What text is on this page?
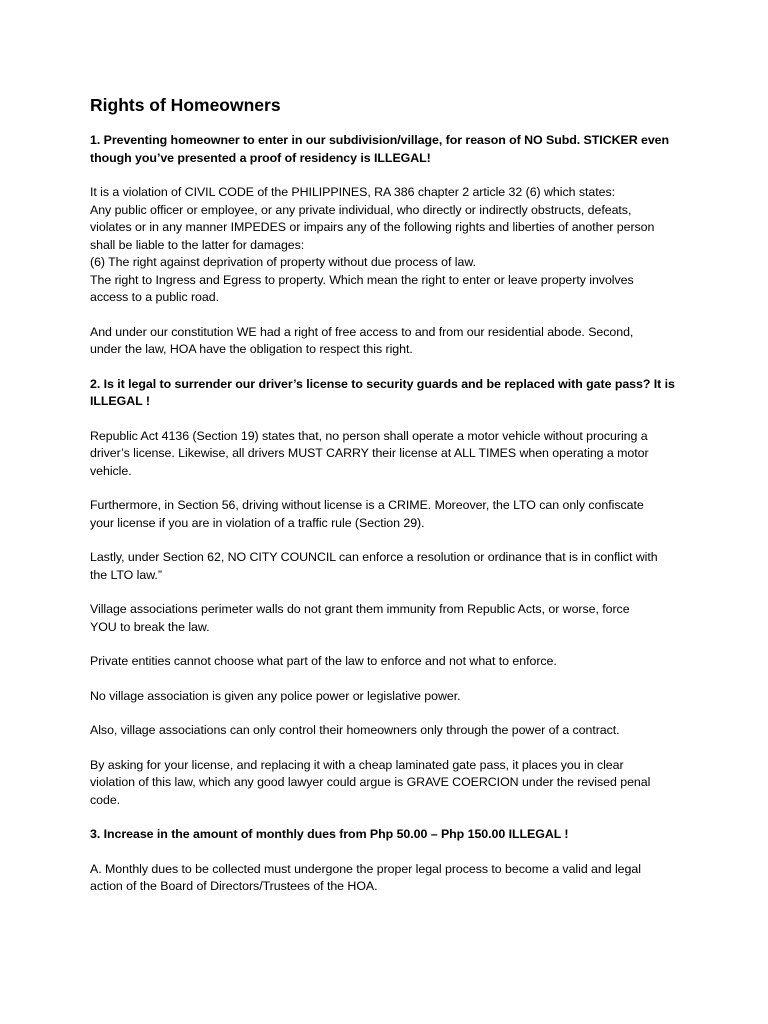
Rights of Homeowners
1. Preventing homeowner to enter in our subdivision/village, for reason of NO Subd. STICKER even
though you’ve presented a proof of residency is ILLEGAL!
It is a violation of CIVIL CODE of the PHILIPPINES, RA 386 chapter 2 article 32 (6) which states:
Any public officer or employee, or any private individual, who directly or indirectly obstructs, defeats,
violates or in any manner IMPEDES or impairs any of the following rights and liberties of another person
shall be liable to the latter for damages:
(6) The right against deprivation of property without due process of law.
The right to Ingress and Egress to property. Which mean the right to enter or leave property involves
access to a public road.
And under our constitution WE had a right of free access to and from our residential abode. Second,
under the law, HOA have the obligation to respect this right.
2. Is it legal to surrender our driver’s license to security guards and be replaced with gate pass? It is
ILLEGAL !
Republic Act 4136 (Section 19) states that, no person shall operate a motor vehicle without procuring a
driver’s license. Likewise, all drivers MUST CARRY their license at ALL TIMES when operating a motor
vehicle.
Furthermore, in Section 56, driving without license is a CRIME. Moreover, the LTO can only confiscate
your license if you are in violation of a traffic rule (Section 29).
Lastly, under Section 62, NO CITY COUNCIL can enforce a resolution or ordinance that is in conflict with
the LTO law.”
Village associations perimeter walls do not grant them immunity from Republic Acts, or worse, force
YOU to break the law.
Private entities cannot choose what part of the law to enforce and not what to enforce.
No village association is given any police power or legislative power.
Also, village associations can only control their homeowners only through the power of a contract.
By asking for your license, and replacing it with a cheap laminated gate pass, it places you in clear
violation of this law, which any good lawyer could argue is GRAVE COERCION under the revised penal
code.
3. Increase in the amount of monthly dues from Php 50.00 – Php 150.00 ILLEGAL !
A. Monthly dues to be collected must undergone the proper legal process to become a valid and legal
action of the Board of Directors/Trustees of the HOA.
